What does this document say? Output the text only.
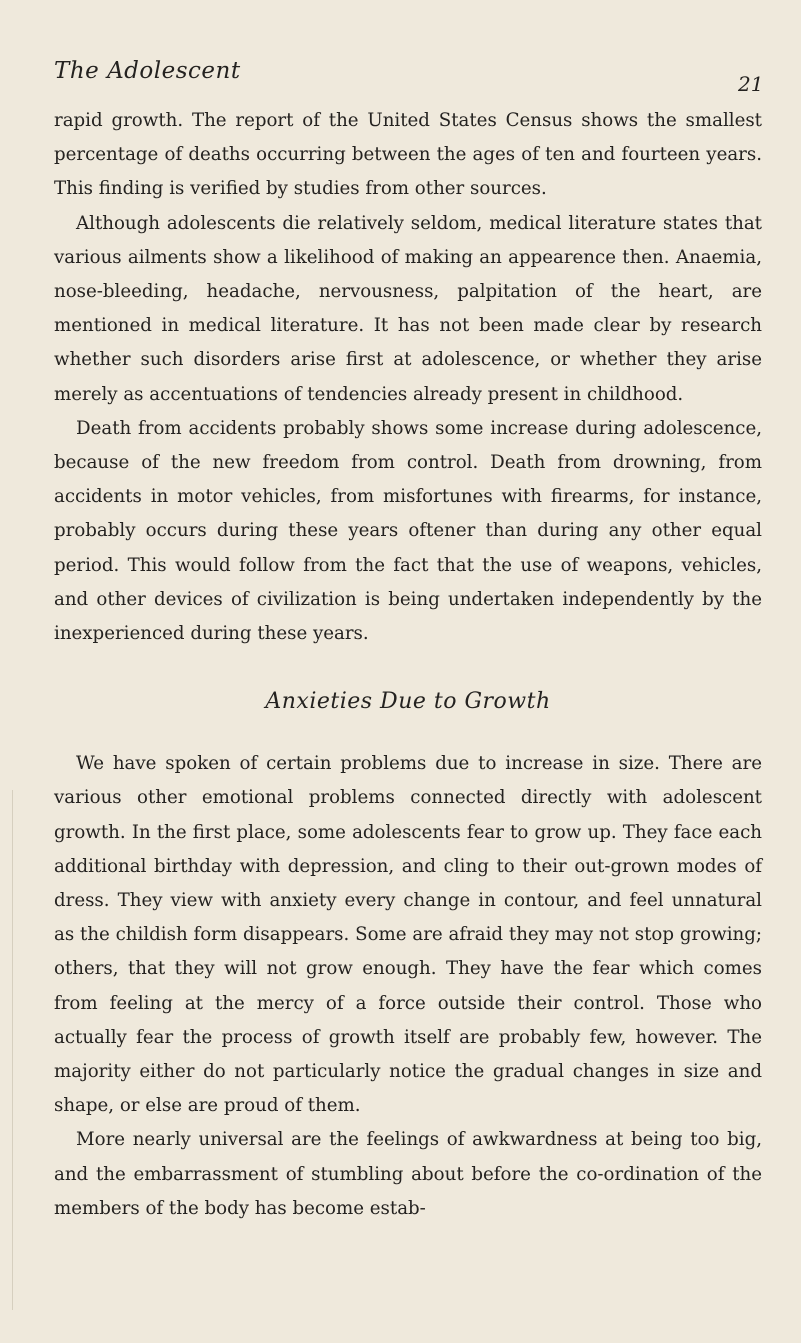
The Adolescent	21

rapid growth. The report of the United States Census shows the smallest percentage of deaths occurring between the ages of ten and fourteen years. This finding is verified by studies from other sources.

Although adolescents die relatively seldom, medical literature states that various ailments show a likelihood of making an appearence then. Anaemia, nose-bleeding, headache, nervousness, palpitation of the heart, are mentioned in medical literature. It has not been made clear by research whether such disorders arise first at adolescence, or whether they arise merely as accentuations of tendencies already present in childhood.

Death from accidents probably shows some increase during adolescence, because of the new freedom from control. Death from drowning, from accidents in motor vehicles, from misfortunes with firearms, for instance, probably occurs during these years oftener than during any other equal period. This would follow from the fact that the use of weapons, vehicles, and other devices of civilization is being undertaken independently by the inexperienced during these years.

Anxieties Due to Growth

We have spoken of certain problems due to increase in size. There are various other emotional problems connected directly with adolescent growth. In the first place, some adolescents fear to grow up. They face each additional birthday with depression, and cling to their out-grown modes of dress. They view with anxiety every change in contour, and feel unnatural as the childish form disappears. Some are afraid they may not stop growing; others, that they will not grow enough. They have the fear which comes from feeling at the mercy of a force outside their control. Those who actually fear the process of growth itself are probably few, however. The majority either do not particularly notice the gradual changes in size and shape, or else are proud of them.

More nearly universal are the feelings of awkwardness at being too big, and the embarrassment of stumbling about before the co-ordination of the members of the body has become estab-
